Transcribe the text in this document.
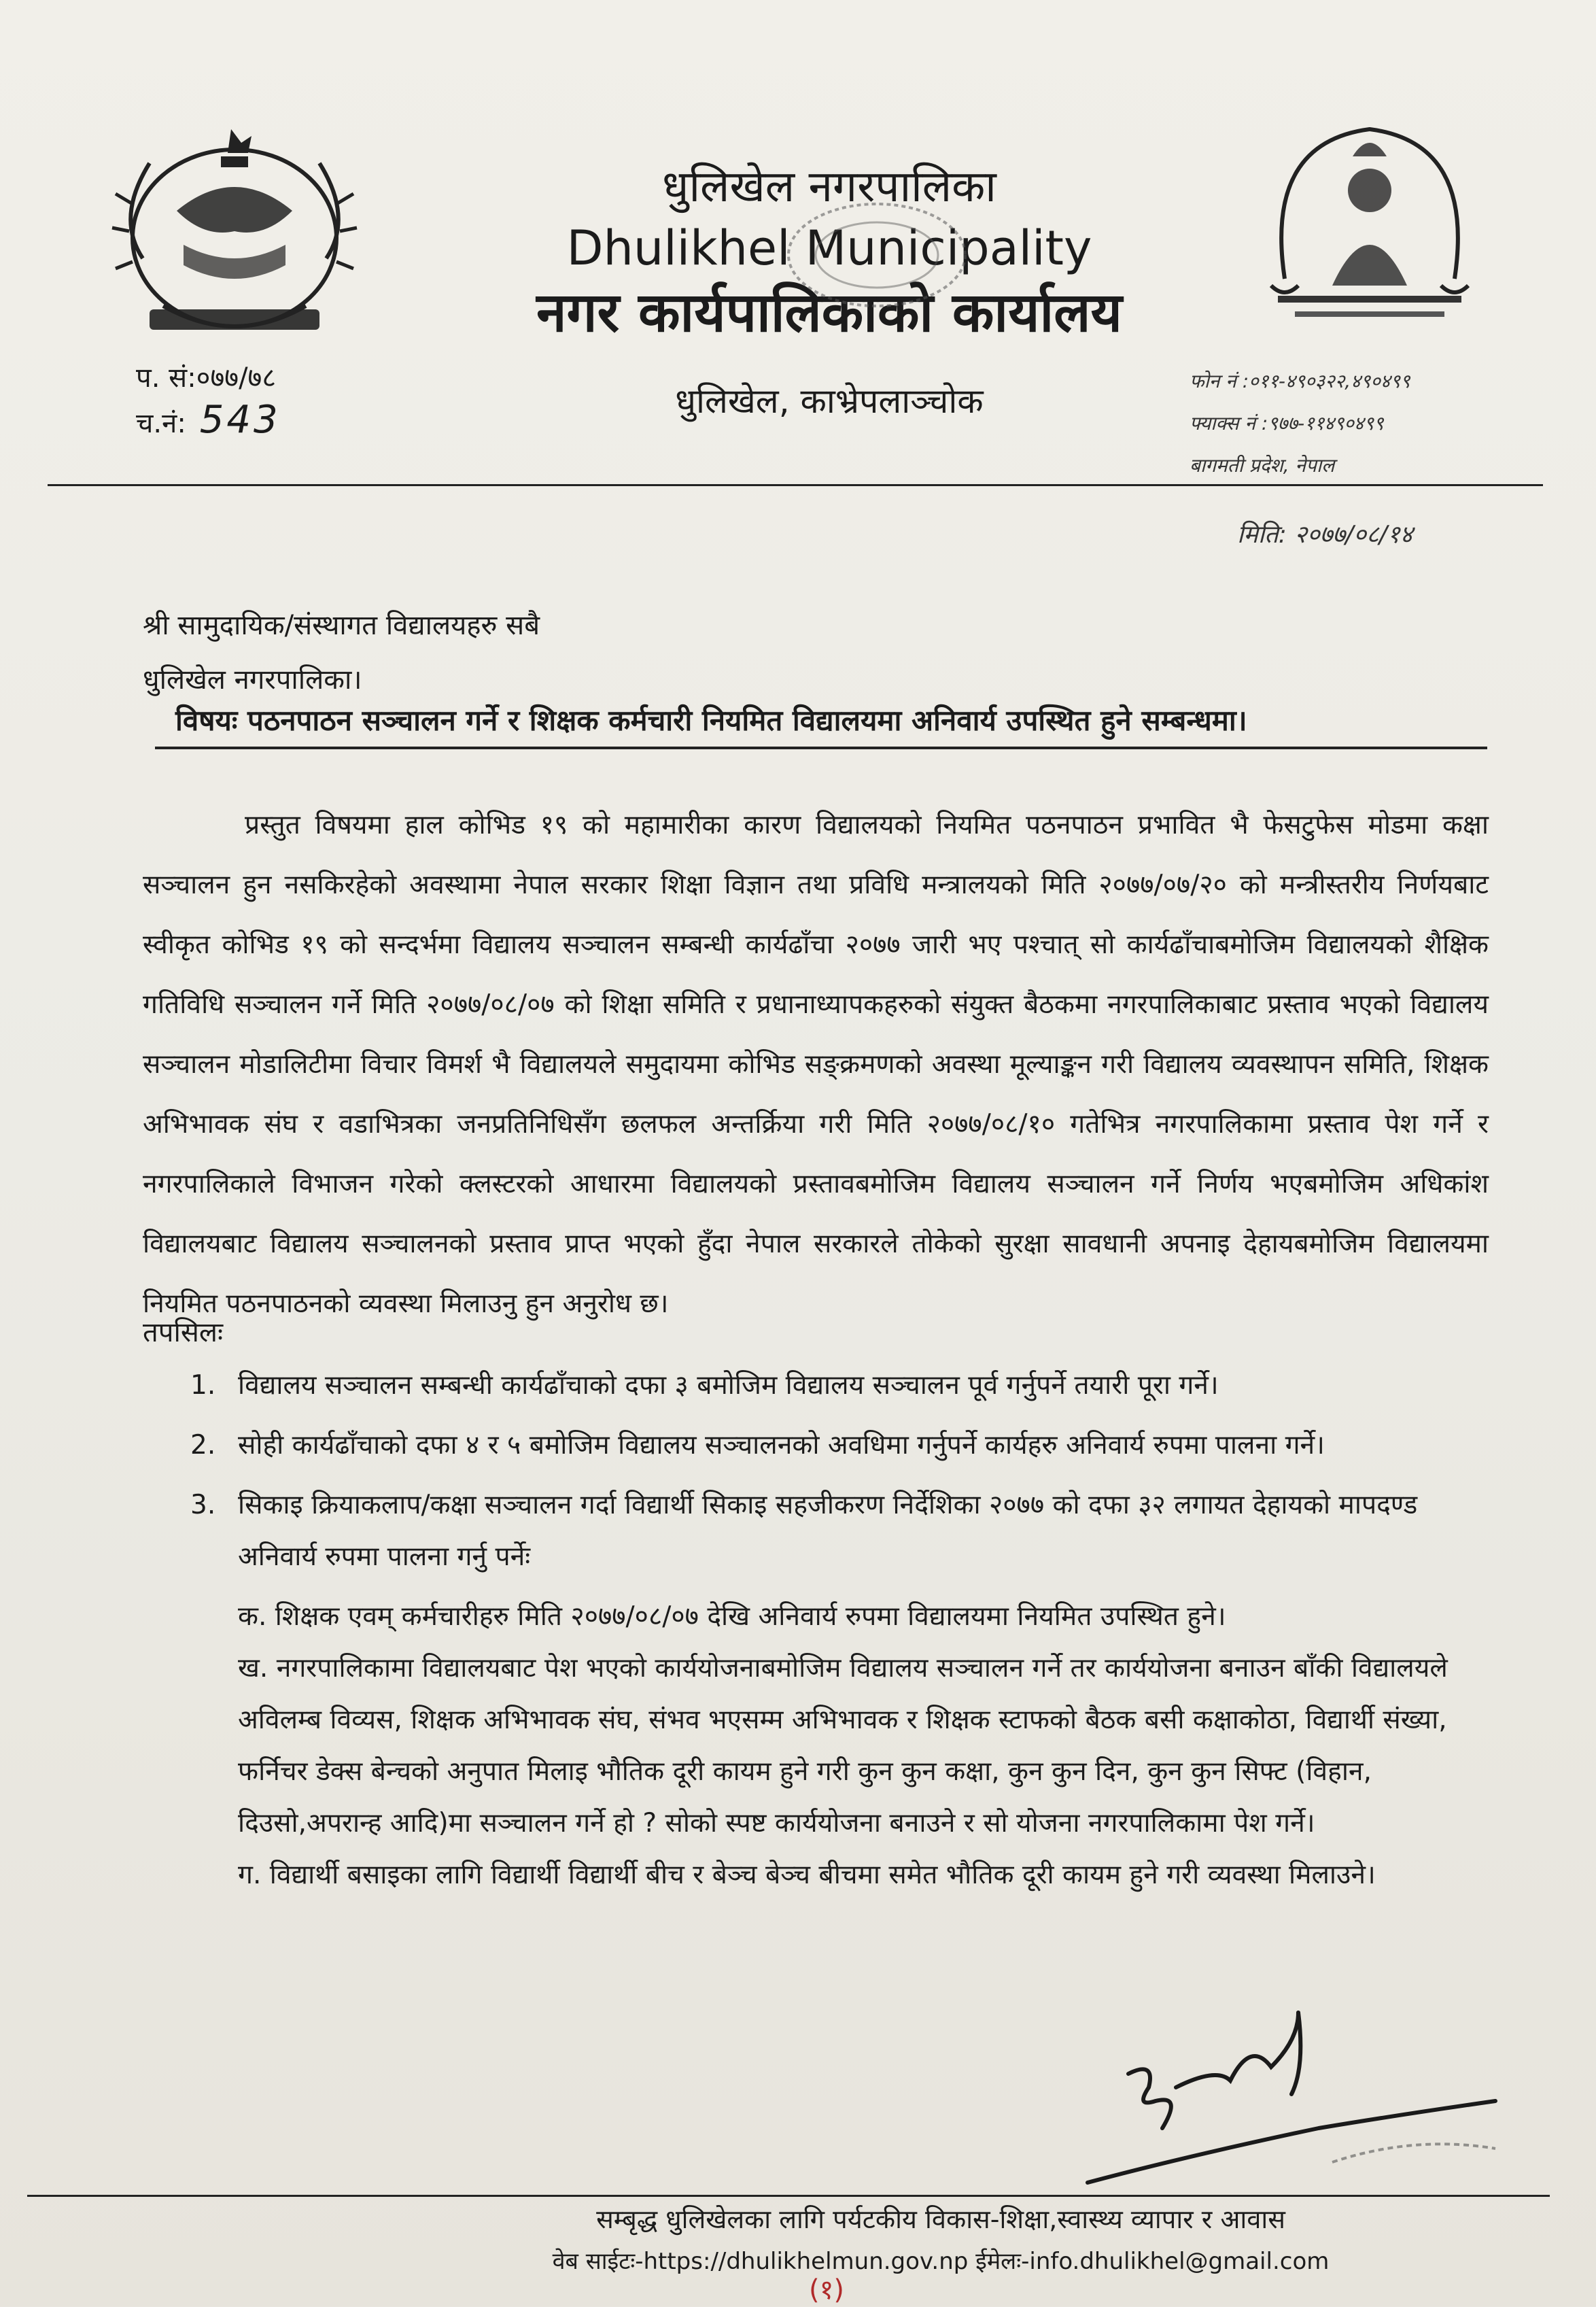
धुलिखेल नगरपालिका
Dhulikhel Municipality
नगर कार्यपालिकाको कार्यालय
धुलिखेल, काभ्रेपलाञ्चोक
प. सं:०७७/७८
च.नं: 543
फोन नं :०११-४९०३२२,४९०४९९
फ्याक्स नं :९७७-११४९०४९९
बागमती प्रदेश, नेपाल
मिति: २०७७/०८/१४
श्री सामुदायिक/संस्थागत विद्यालयहरु सबै
धुलिखेल नगरपालिका।
विषयः पठनपाठन सञ्चालन गर्ने र शिक्षक कर्मचारी नियमित विद्यालयमा अनिवार्य उपस्थित हुने सम्बन्धमा।
प्रस्तुत विषयमा हाल कोभिड १९ को महामारीका कारण विद्यालयको नियमित पठनपाठन प्रभावित भै फेसटुफेस मोडमा कक्षा सञ्चालन हुन नसकिरहेको अवस्थामा नेपाल सरकार शिक्षा विज्ञान तथा प्रविधि मन्त्रालयको मिति २०७७/०७/२० को मन्त्रीस्तरीय निर्णयबाट स्वीकृत कोभिड १९ को सन्दर्भमा विद्यालय सञ्चालन सम्बन्धी कार्यढाँचा २०७७ जारी भए पश्चात् सो कार्यढाँचाबमोजिम विद्यालयको शैक्षिक गतिविधि सञ्चालन गर्ने मिति २०७७/०८/०७ को शिक्षा समिति र प्रधानाध्यापकहरुको संयुक्त बैठकमा नगरपालिकाबाट प्रस्ताव भएको विद्यालय सञ्चालन मोडालिटीमा विचार विमर्श भै विद्यालयले समुदायमा कोभिड सङ्क्रमणको अवस्था मूल्याङ्कन गरी विद्यालय व्यवस्थापन समिति, शिक्षक अभिभावक संघ र वडाभित्रका जनप्रतिनिधिसँग छलफल अन्तर्क्रिया गरी मिति २०७७/०८/१० गतेभित्र नगरपालिकामा प्रस्ताव पेश गर्ने र नगरपालिकाले विभाजन गरेको क्लस्टरको आधारमा विद्यालयको प्रस्तावबमोजिम विद्यालय सञ्चालन गर्ने निर्णय भएबमोजिम अधिकांश विद्यालयबाट विद्यालय सञ्चालनको प्रस्ताव प्राप्त भएको हुँदा नेपाल सरकारले तोकेको सुरक्षा सावधानी अपनाइ देहायबमोजिम विद्यालयमा नियमित पठनपाठनको व्यवस्था मिलाउनु हुन अनुरोध छ।
तपसिलः
1. विद्यालय सञ्चालन सम्बन्धी कार्यढाँचाको दफा ३ बमोजिम विद्यालय सञ्चालन पूर्व गर्नुपर्ने तयारी पूरा गर्ने।
2. सोही कार्यढाँचाको दफा ४ र ५ बमोजिम विद्यालय सञ्चालनको अवधिमा गर्नुपर्ने कार्यहरु अनिवार्य रुपमा पालना गर्ने।
3. सिकाइ क्रियाकलाप/कक्षा सञ्चालन गर्दा विद्यार्थी सिकाइ सहजीकरण निर्देशिका २०७७ को दफा ३२ लगायत देहायको मापदण्ड अनिवार्य रुपमा पालना गर्नु पर्नेः
क. शिक्षक एवम् कर्मचारीहरु मिति २०७७/०८/०७ देखि अनिवार्य रुपमा विद्यालयमा नियमित उपस्थित हुने।
ख. नगरपालिकामा विद्यालयबाट पेश भएको कार्ययोजनाबमोजिम विद्यालय सञ्चालन गर्ने तर कार्ययोजना बनाउन बाँकी विद्यालयले अविलम्ब विव्यस, शिक्षक अभिभावक संघ, संभव भएसम्म अभिभावक र शिक्षक स्टाफको बैठक बसी कक्षाकोठा, विद्यार्थी संख्या, फर्निचर डेक्स बेन्चको अनुपात मिलाइ भौतिक दूरी कायम हुने गरी कुन कुन कक्षा, कुन कुन दिन, कुन कुन सिफ्ट (विहान, दिउसो,अपरान्ह आदि)मा सञ्चालन गर्ने हो ? सोको स्पष्ट कार्ययोजना बनाउने र सो योजना नगरपालिकामा पेश गर्ने।
ग. विद्यार्थी बसाइका लागि विद्यार्थी विद्यार्थी बीच र बेञ्च बेञ्च बीचमा समेत भौतिक दूरी कायम हुने गरी व्यवस्था मिलाउने।
सम्बृद्ध धुलिखेलका लागि पर्यटकीय विकास-शिक्षा,स्वास्थ्य व्यापार र आवास
वेब साईटः-https://dhulikhelmun.gov.np ईमेलः-info.dhulikhel@gmail.com
(१)
